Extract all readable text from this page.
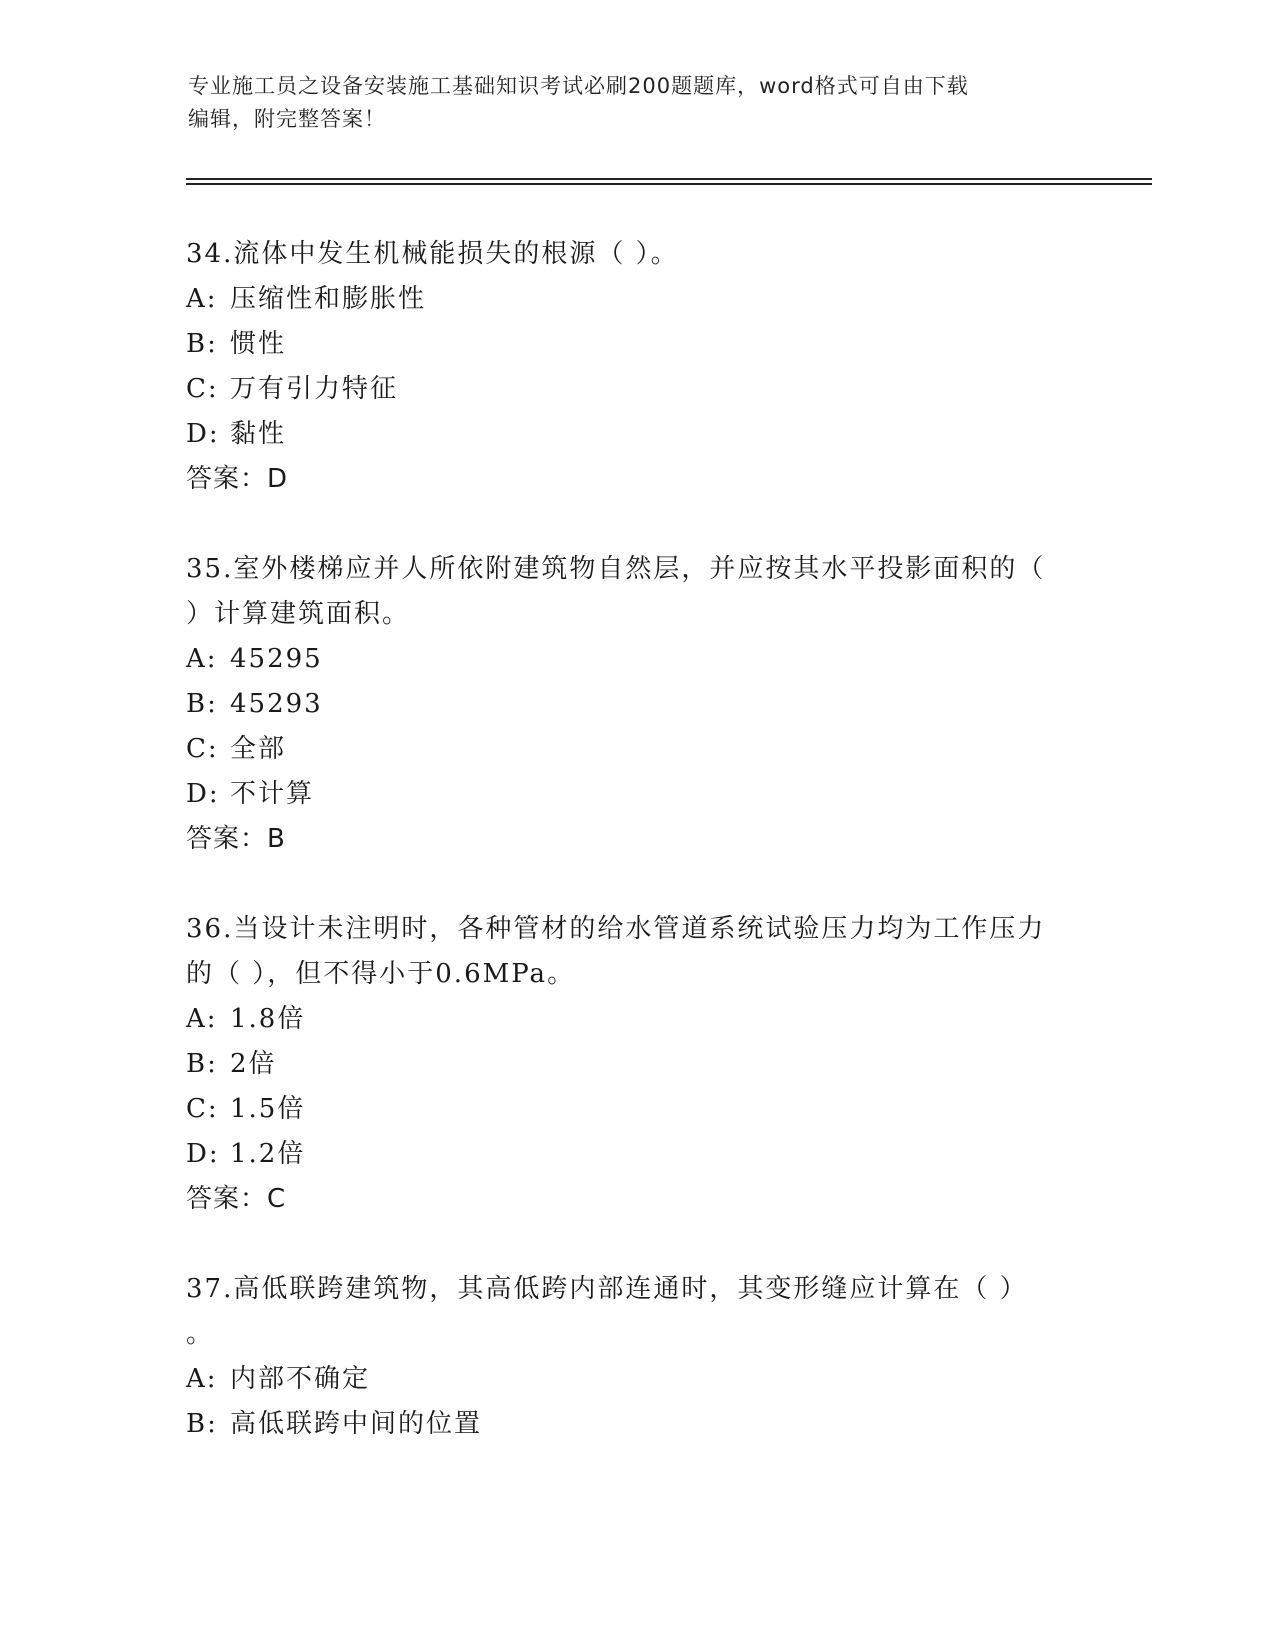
专业施工员之设备安装施工基础知识考试必刷200题题库，word格式可自由下载
编辑，附完整答案！
34.流体中发生机械能损失的根源（ ）。
A: 压缩性和膨胀性
B: 惯性
C: 万有引力特征
D: 黏性
答案：D
35.室外楼梯应并人所依附建筑物自然层，并应按其水平投影面积的（
）计算建筑面积。
A: 45295
B: 45293
C: 全部
D: 不计算
答案：B
36.当设计未注明时，各种管材的给水管道系统试验压力均为工作压力
的（ ），但不得小于0.6MPa。
A: 1.8倍
B: 2倍
C: 1.5倍
D: 1.2倍
答案：C
37.高低联跨建筑物，其高低跨内部连通时，其变形缝应计算在（ ）
。
A: 内部不确定
B: 高低联跨中间的位置
